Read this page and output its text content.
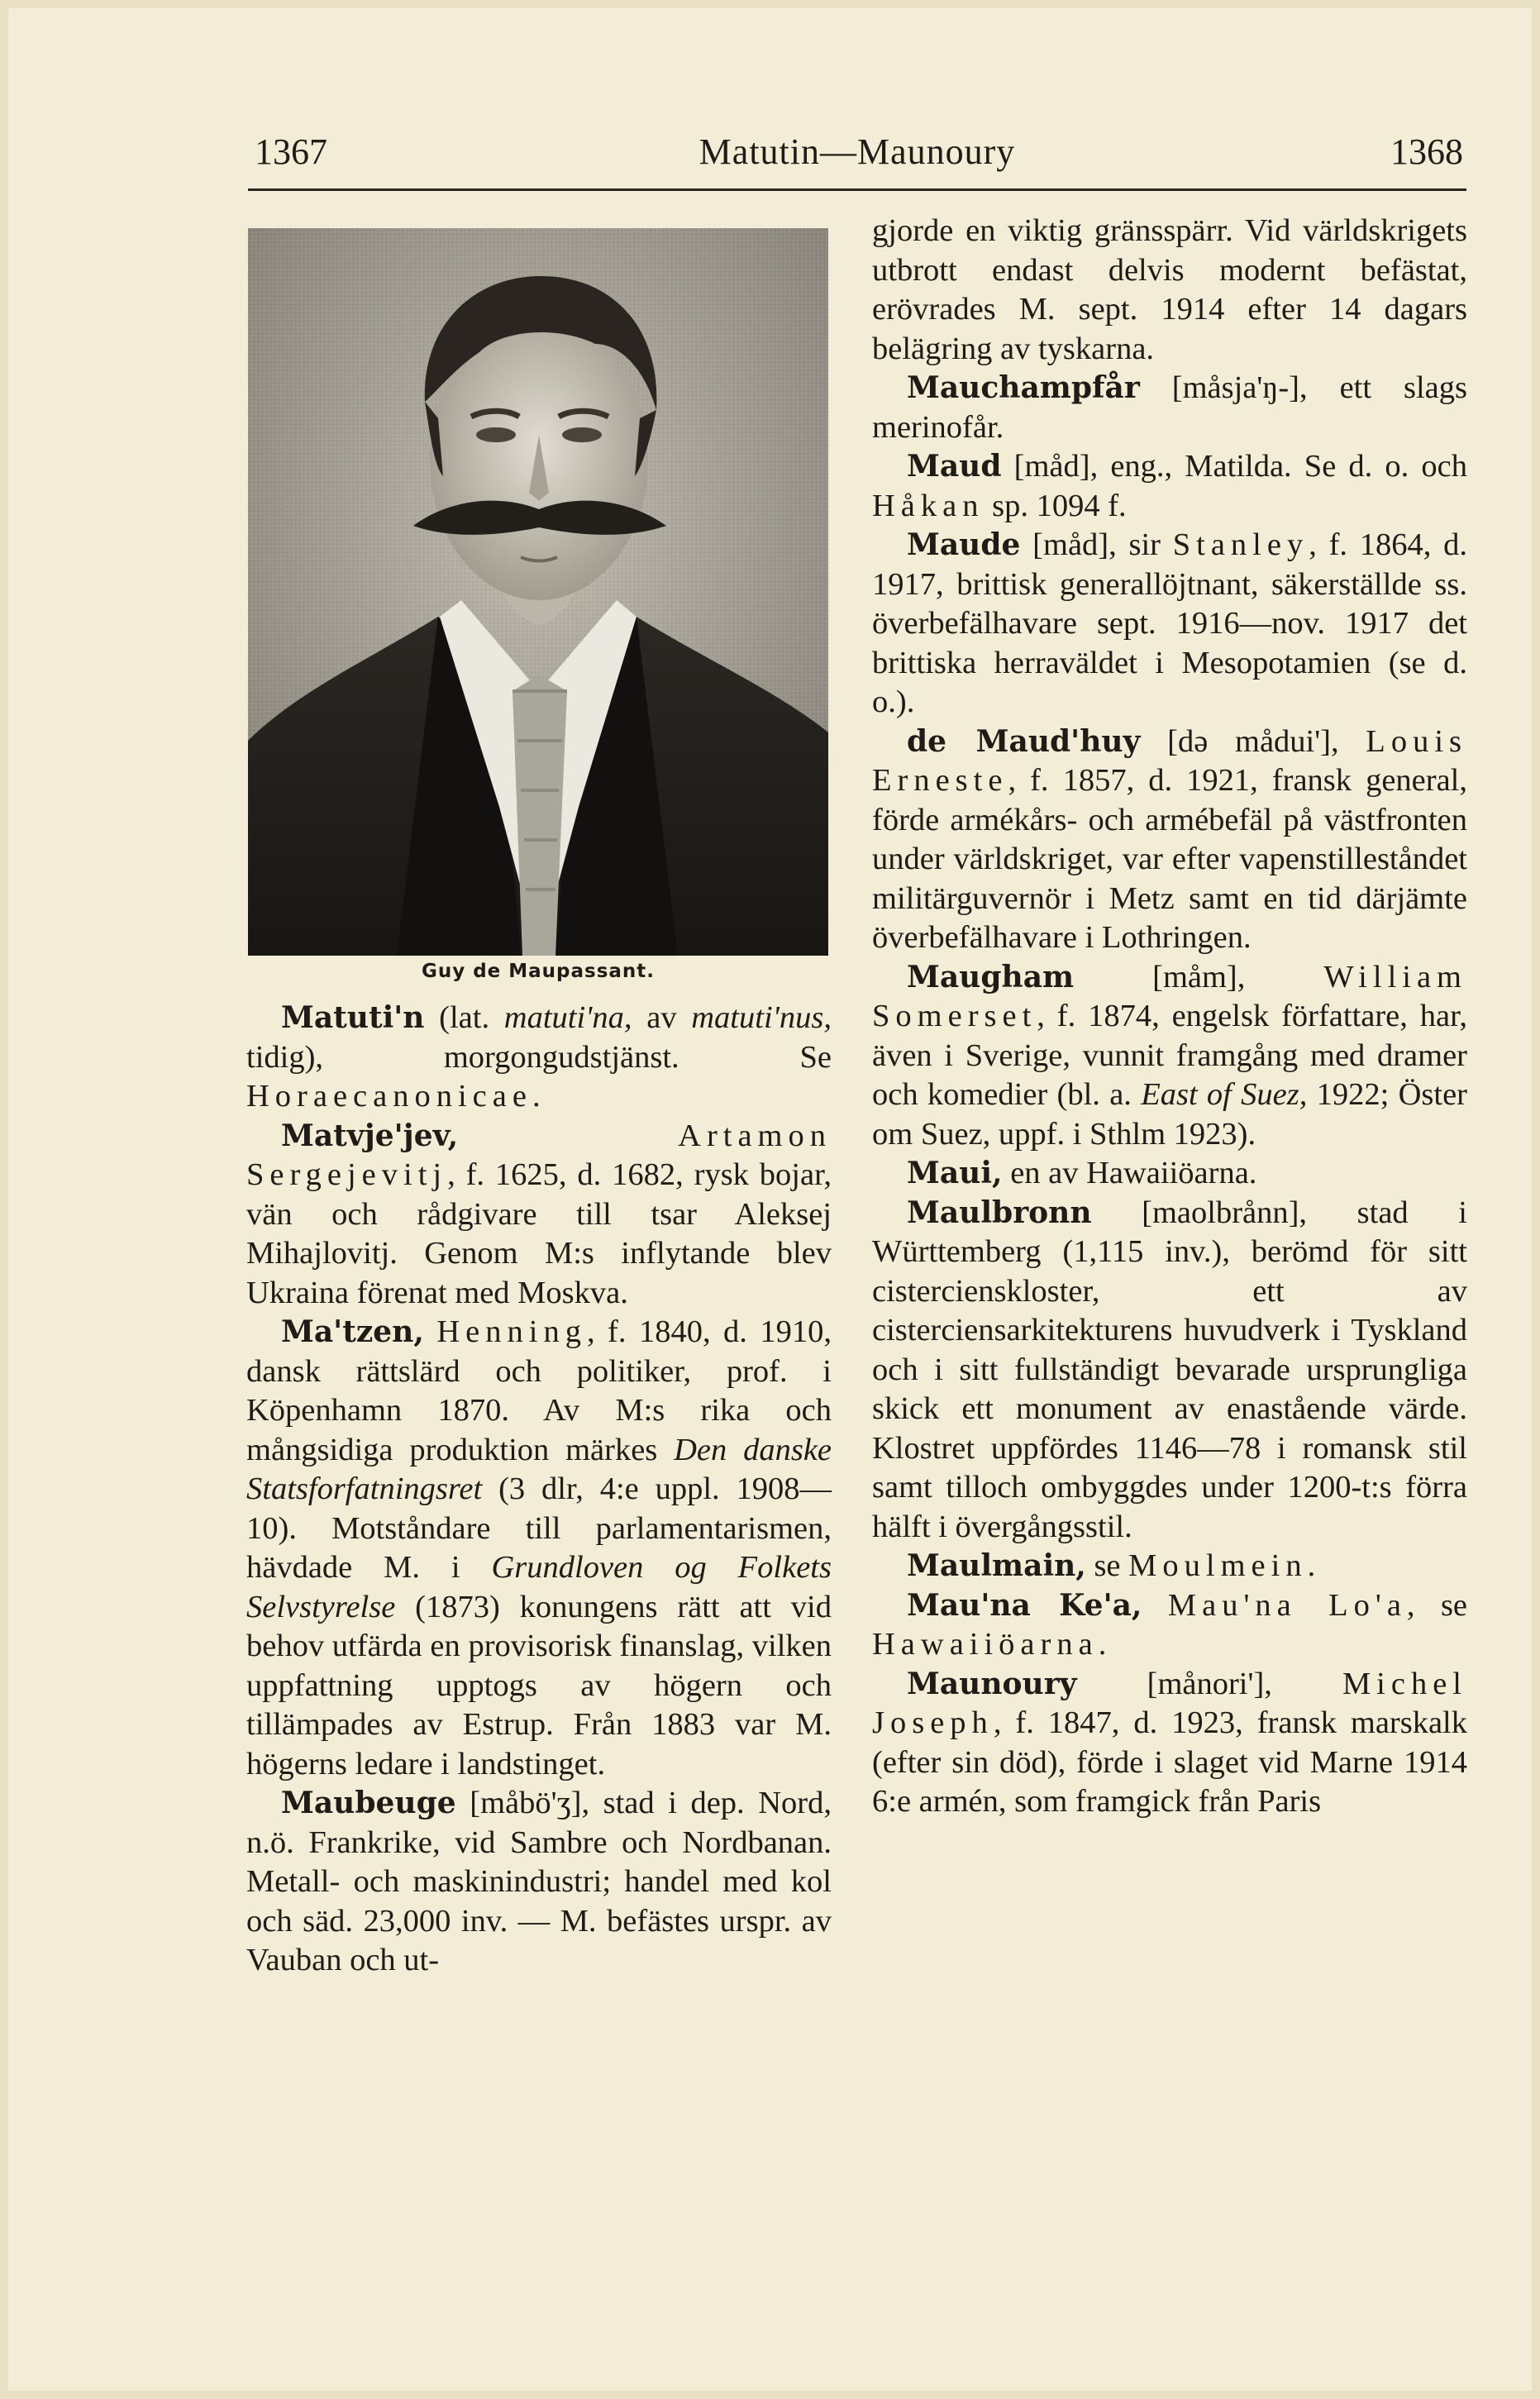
1367	Matutin—Maunoury	1368
Guy de Maupassant.

Matuti'n (lat. matuti'na, av matuti'nus, tidig), morgongudstjänst. Se Horaecanonicae.

Matvje'jev,	Artamon Sergejevitj, f. 1625, d. 1682, rysk bojar, vän och rådgivare till tsar Aleksej Mihajlovitj. Genom M:s inflytande blev Ukraina förenat med Moskva.

Ma'tzen, Henning, f. 1840, d. 1910, dansk rättslärd och politiker, prof. i Köpenhamn 1870. Av M:s rika och mångsidiga produktion märkes Den danske Statsforfatningsret (3 dlr, 4:e uppl. 1908—10). Motståndare till parlamentarismen, hävdade M. i Grundloven og Folkets Selvstyrelse (1873) konungens rätt att vid behov utfärda en provisorisk finanslag, vilken uppfattning upptogs av högern och tillämpades av Estrup. Från 1883 var M. högerns ledare i landstinget.

Maubeuge [måbö'ʒ], stad i dep. Nord, n.ö. Frankrike, vid Sambre och Nordbanan. Metall- och maskinindustri; handel med kol och säd. 23,000 inv. — M. befästes urspr. av Vauban och ut-

gjorde en viktig gränsspärr. Vid världskrigets utbrott endast delvis modernt befästat, erövrades M. sept. 1914 efter 14 dagars belägring av tyskarna.

Mauchampfår [måsja'ŋ-], ett slags merinofår.

Maud [måd], eng., Matilda. Se d. o. och Håkan sp. 1094 f.

Maude [måd], sir Stanley, f. 1864, d. 1917, brittisk generallöjtnant, säkerställde ss. överbefälhavare sept. 1916—nov. 1917 det brittiska herraväldet i Mesopotamien (se d. o.).

de Maud'huy [də mådui'], Louis Erneste, f. 1857, d. 1921, fransk general, förde armékårs- och armébefäl på västfronten under världskriget, var efter vapenstilleståndet militärguvernör i Metz samt en tid därjämte överbefälhavare i Lothringen.

Maugham [måm], William Somerset, f. 1874, engelsk författare, har, även i Sverige, vunnit framgång med dramer och komedier (bl. a. East of Suez, 1922; Öster om Suez, uppf. i Sthlm 1923).

Maui, en av Hawaiiöarna.

Maulbronn [maolbrånn], stad i Württemberg (1,115 inv.), berömd för sitt cistercienskloster, ett av cisterciensarkitekturens huvudverk i Tyskland och i sitt fullständigt bevarade ursprungliga skick ett monument av enastående värde. Klostret uppfördes 1146—78 i romansk stil samt tilloch ombyggdes under 1200-t:s förra hälft i övergångsstil.

Maulmain, se Moulmein.

Mau'na Ke'a, Mau'na Lo'a, se Hawaiiöarna.

Maunoury [månori'], Michel Joseph, f. 1847, d. 1923, fransk marskalk (efter sin död), förde i slaget vid Marne 1914 6:e armén, som framgick från Paris
